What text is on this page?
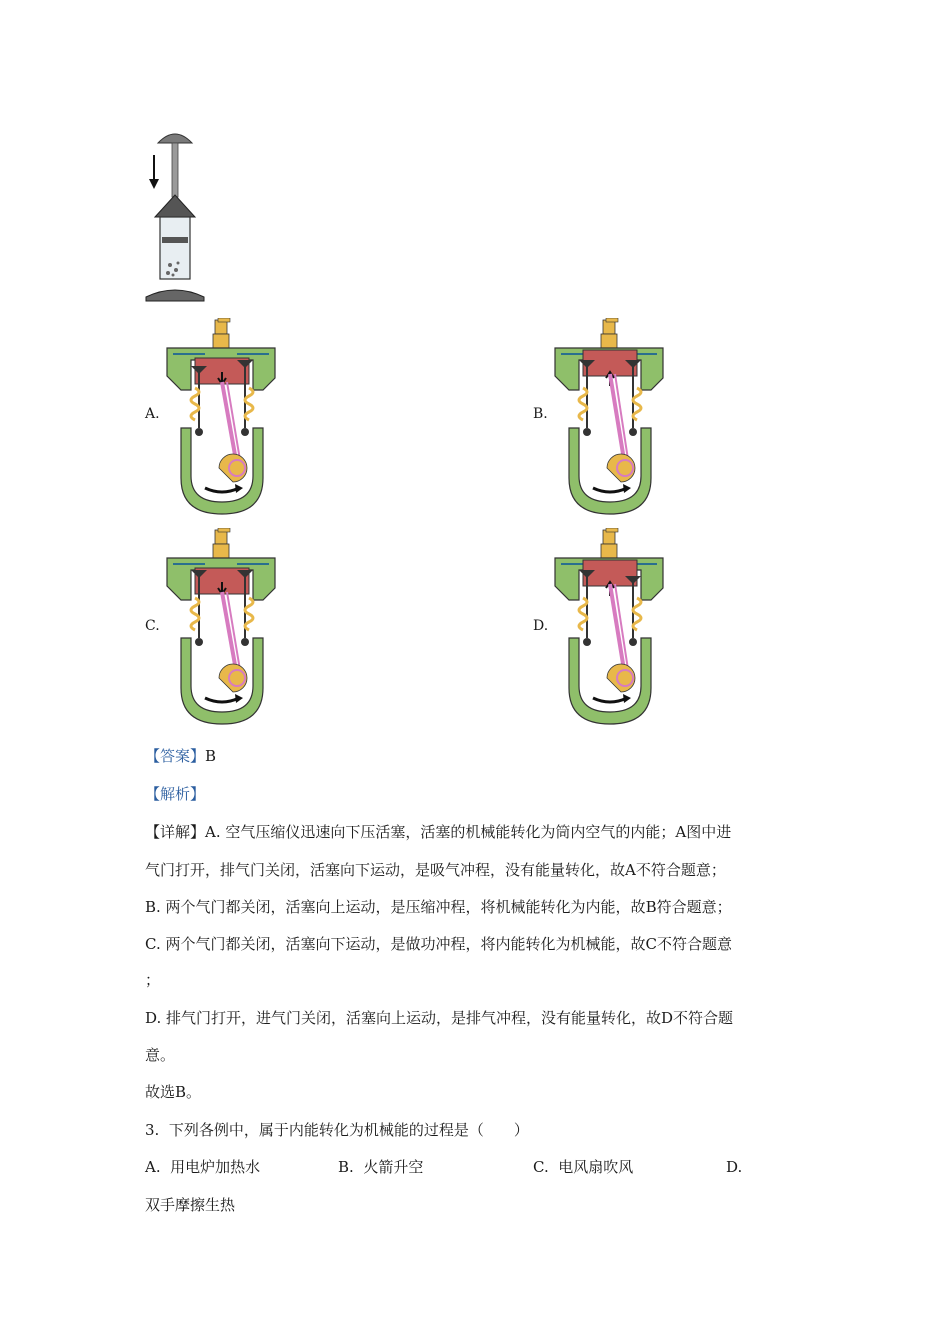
A.	B.
C.	D.
【答案】B
【解析】
【详解】A. 空气压缩仪迅速向下压活塞，活塞的机械能转化为筒内空气的内能；A图中进
气门打开，排气门关闭，活塞向下运动，是吸气冲程，没有能量转化，故A不符合题意；
B. 两个气门都关闭，活塞向上运动，是压缩冲程，将机械能转化为内能，故B符合题意；
C. 两个气门都关闭，活塞向下运动，是做功冲程，将内能转化为机械能，故C不符合题意
；
D. 排气门打开，进气门关闭，活塞向上运动，是排气冲程，没有能量转化，故D不符合题
意。
故选B。
3. 下列各例中，属于内能转化为机械能的过程是（　　）
A. 用电炉加热水	B. 火箭升空	C. 电风扇吹风	D.
双手摩擦生热
